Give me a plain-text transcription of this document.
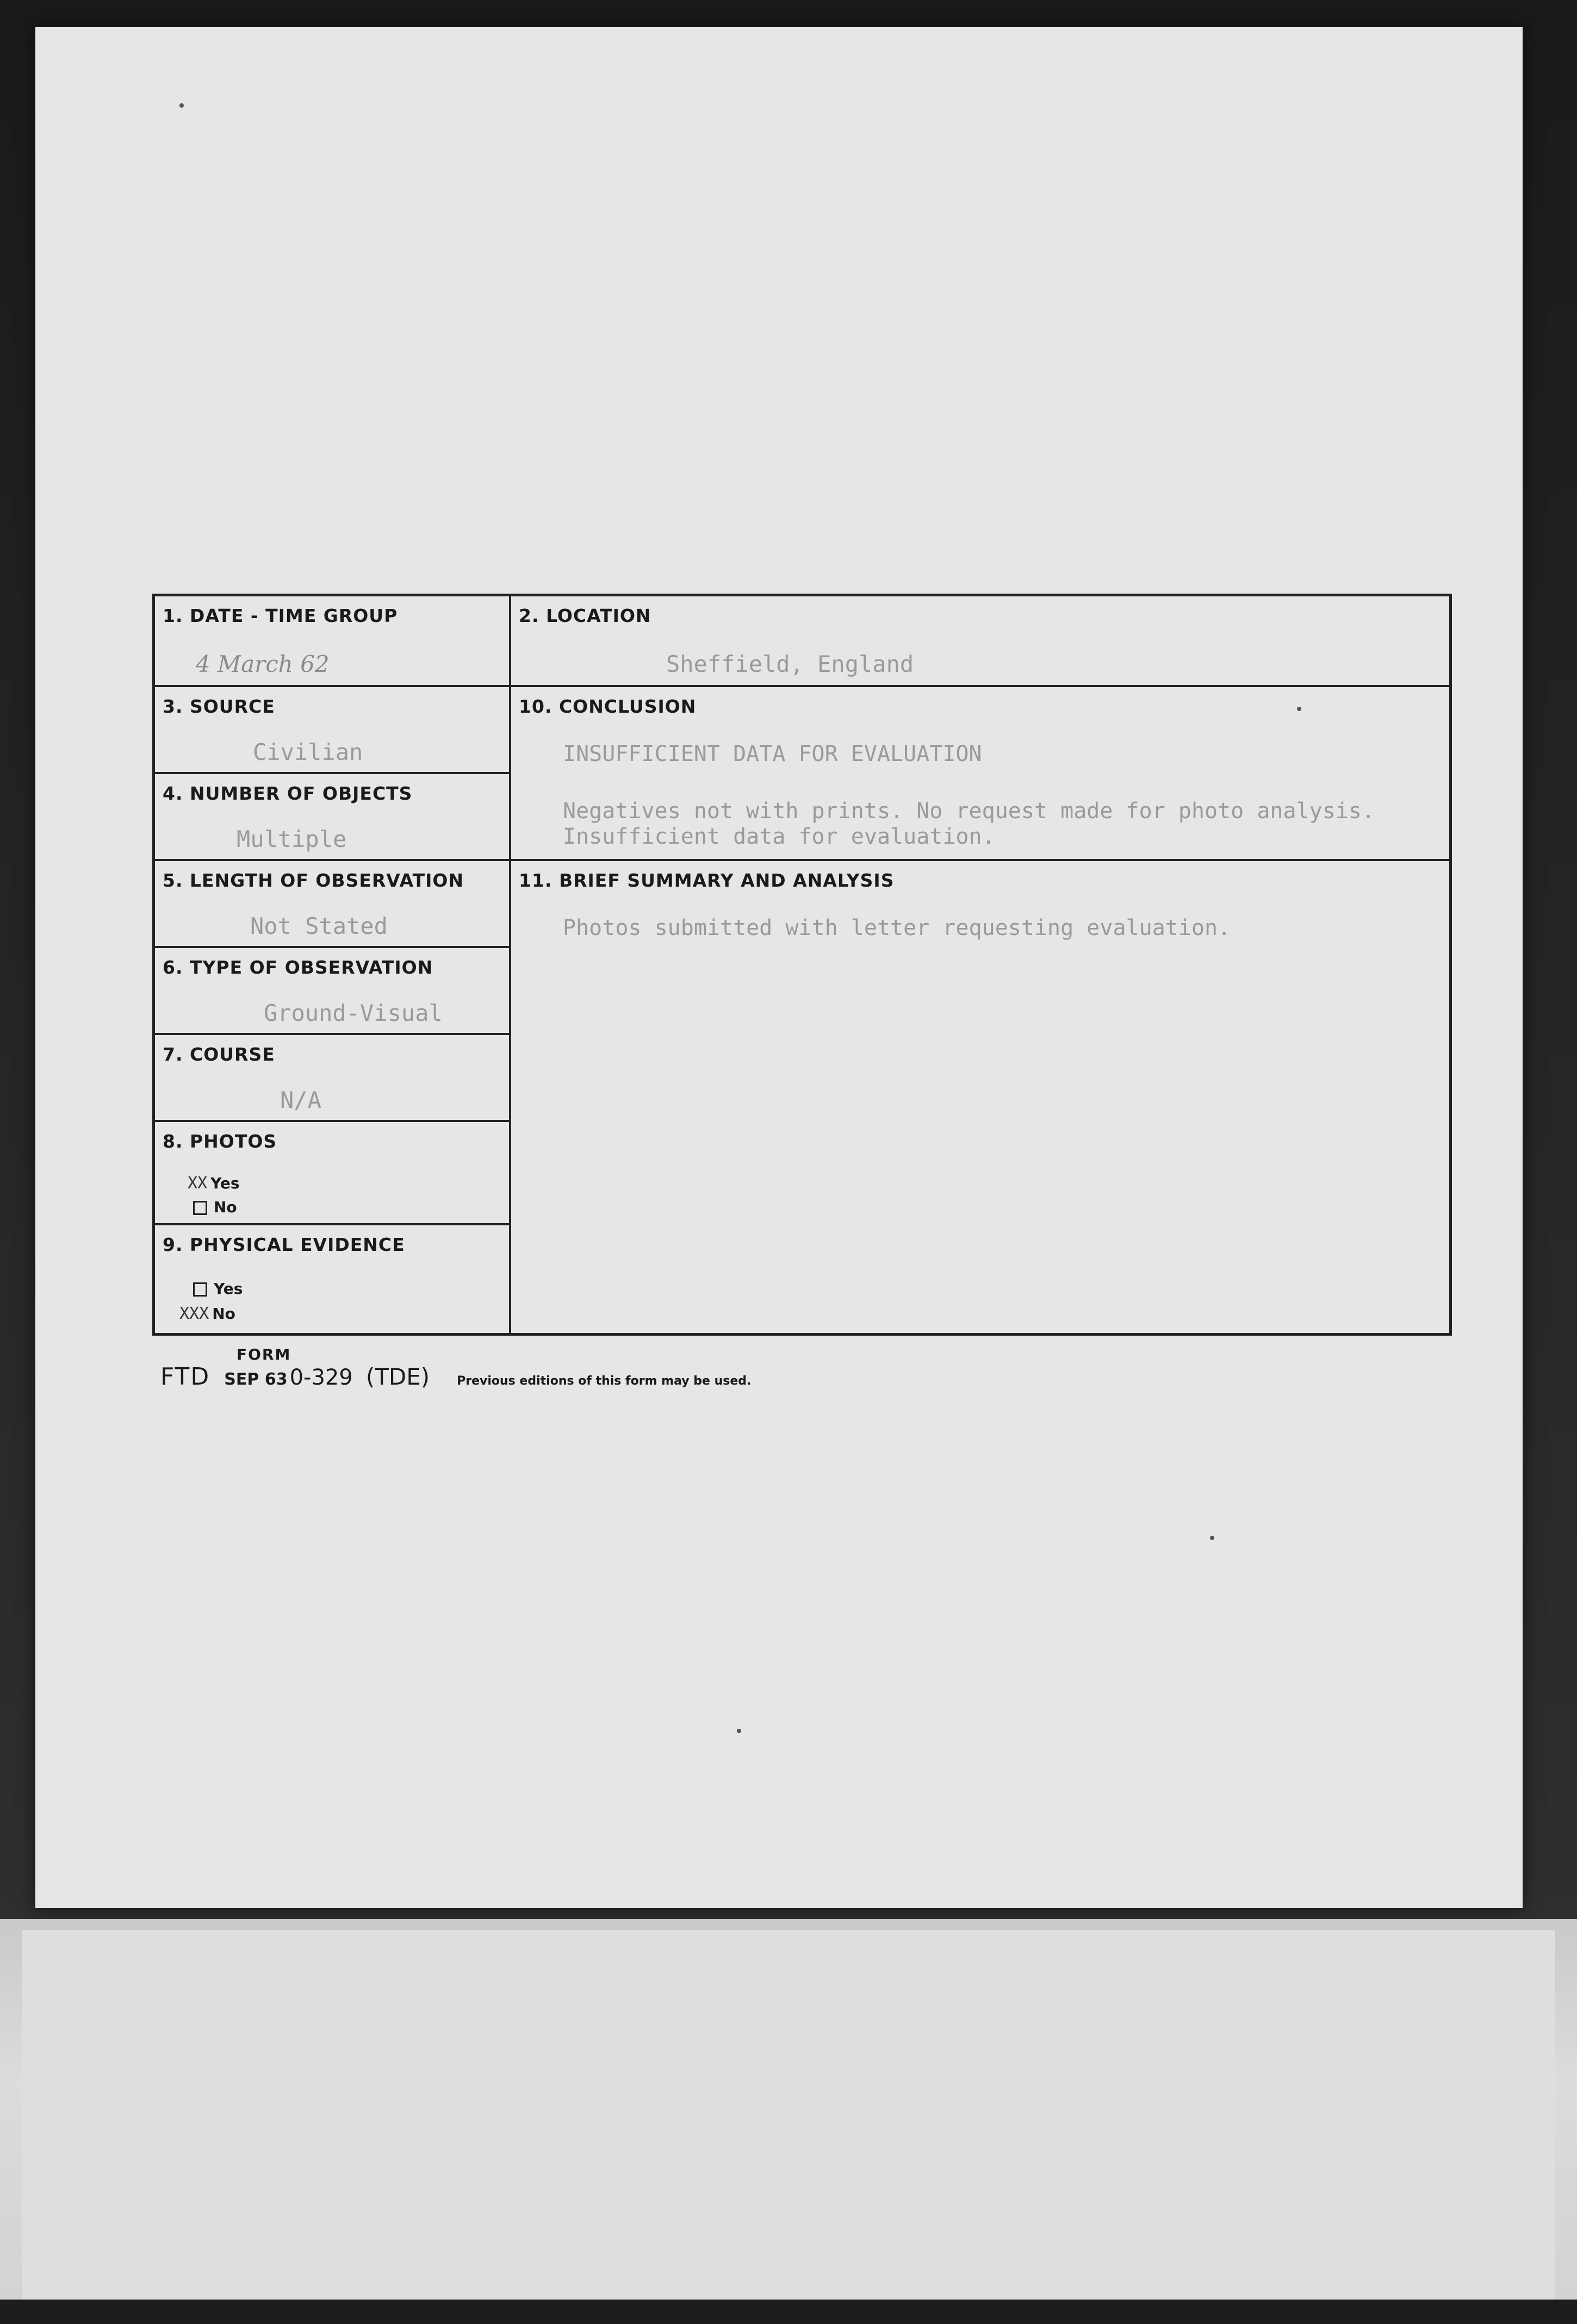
1. DATE - TIME GROUP
4 March 62
2. LOCATION
Sheffield, England
3. SOURCE
Civilian
4. NUMBER OF OBJECTS
Multiple
5. LENGTH OF OBSERVATION
Not Stated
6. TYPE OF OBSERVATION
Ground-Visual
7. COURSE
N/A
8. PHOTOS
XX Yes
No
9. PHYSICAL EVIDENCE
Yes
XXX No
10. CONCLUSION
INSUFFICIENT DATA FOR EVALUATION
Negatives not with prints. No request made for photo analysis.
Insufficient data for evaluation.
11. BRIEF SUMMARY AND ANALYSIS
Photos submitted with letter requesting evaluation.
FORM
FTD SEP 63 0-329 (TDE) Previous editions of this form may be used.
